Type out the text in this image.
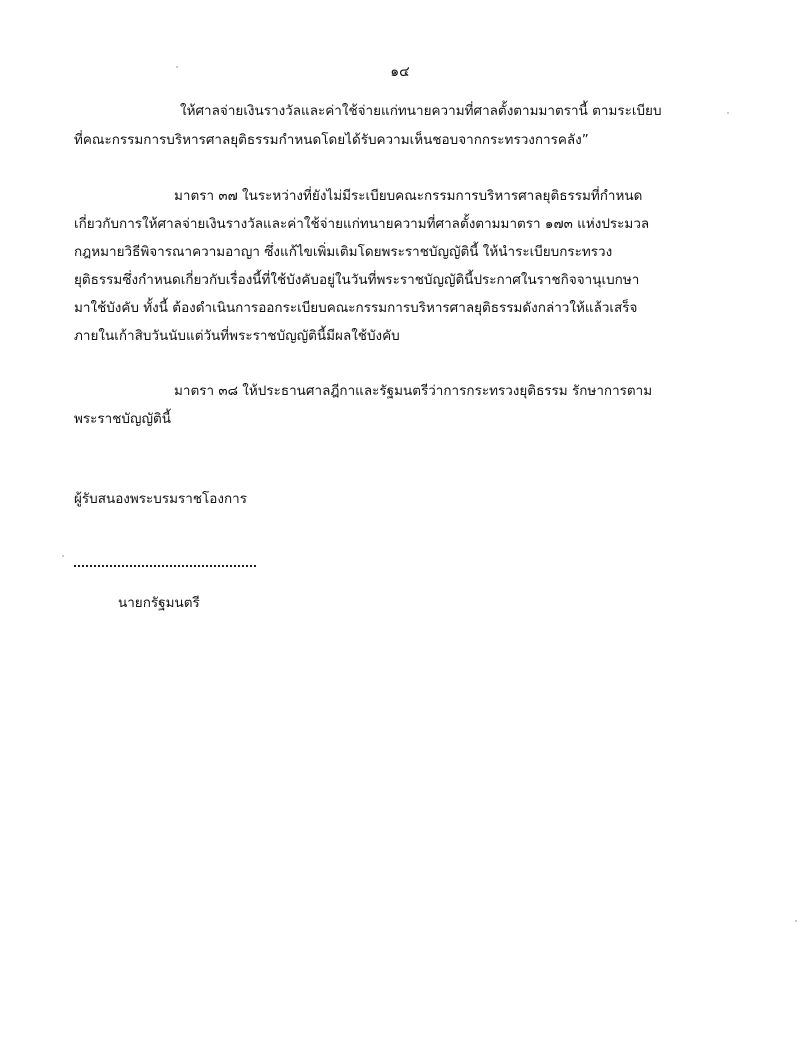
๑๔
ให้ศาลจ่ายเงินรางวัลและค่าใช้จ่ายแก่ทนายความที่ศาลตั้งตามมาตรานี้ ตามระเบียบ
ที่คณะกรรมการบริหารศาลยุติธรรมกำหนดโดยได้รับความเห็นชอบจากกระทรวงการคลัง”
มาตรา ๓๗ ในระหว่างที่ยังไม่มีระเบียบคณะกรรมการบริหารศาลยุติธรรมที่กำหนด
เกี่ยวกับการให้ศาลจ่ายเงินรางวัลและค่าใช้จ่ายแก่ทนายความที่ศาลตั้งตามมาตรา ๑๗๓ แห่งประมวล
กฎหมายวิธีพิจารณาความอาญา ซึ่งแก้ไขเพิ่มเติมโดยพระราชบัญญัตินี้ ให้นำระเบียบกระทรวง
ยุติธรรมซึ่งกำหนดเกี่ยวกับเรื่องนี้ที่ใช้บังคับอยู่ในวันที่พระราชบัญญัตินี้ประกาศในราชกิจจานุเบกษา
มาใช้บังคับ ทั้งนี้ ต้องดำเนินการออกระเบียบคณะกรรมการบริหารศาลยุติธรรมดังกล่าวให้แล้วเสร็จ
ภายในเก้าสิบวันนับแต่วันที่พระราชบัญญัตินี้มีผลใช้บังคับ
มาตรา ๓๘ ให้ประธานศาลฎีกาและรัฐมนตรีว่าการกระทรวงยุติธรรม รักษาการตาม
พระราชบัญญัตินี้
ผู้รับสนองพระบรมราชโองการ
นายกรัฐมนตรี
